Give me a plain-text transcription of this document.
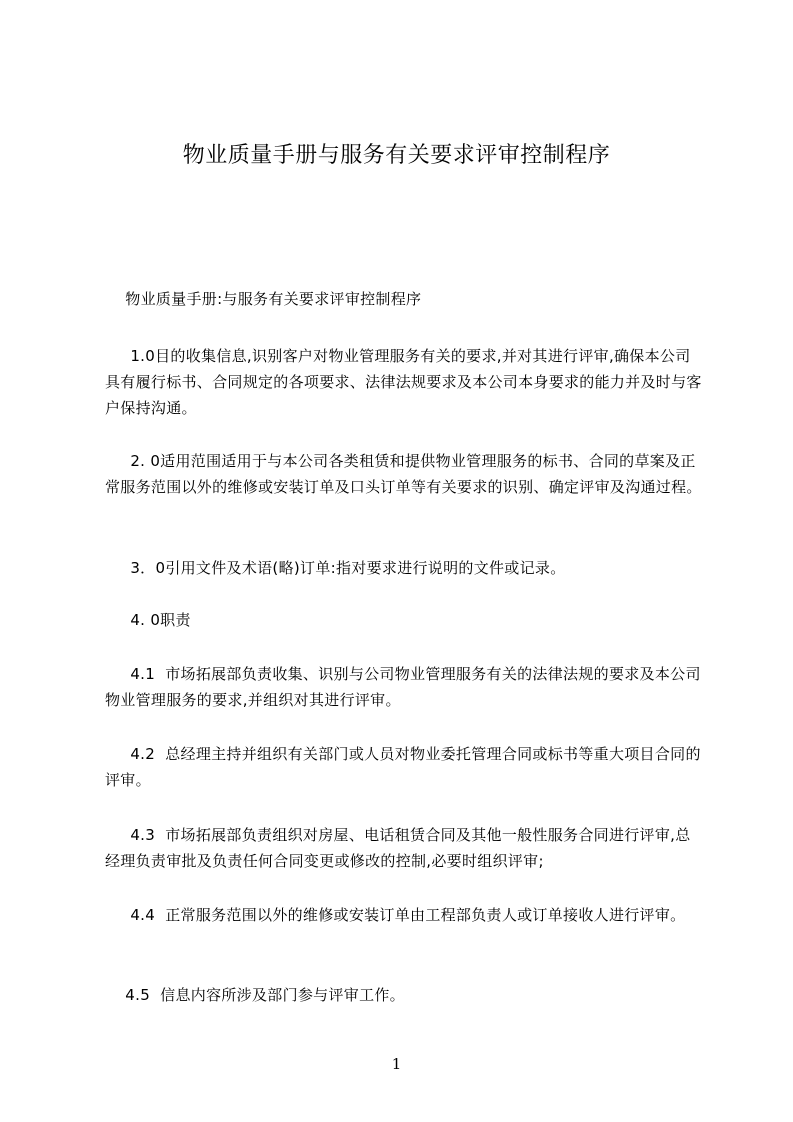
物业质量手册与服务有关要求评审控制程序
物业质量手册:与服务有关要求评审控制程序
1.0目的收集信息,识别客户对物业管理服务有关的要求,并对其进行评审,确保本公司具有履行标书、合同规定的各项要求、法律法规要求及本公司本身要求的能力并及时与客户保持沟通。
2. 0适用范围适用于与本公司各类租赁和提供物业管理服务的标书、合同的草案及正常服务范围以外的维修或安装订单及口头订单等有关要求的识别、确定评审及沟通过程。
3．0引用文件及术语(略)订单:指对要求进行说明的文件或记录。
4. 0职责
4.1  市场拓展部负责收集、识别与公司物业管理服务有关的法律法规的要求及本公司物业管理服务的要求,并组织对其进行评审。
4.2  总经理主持并组织有关部门或人员对物业委托管理合同或标书等重大项目合同的评审。
4.3  市场拓展部负责组织对房屋、电话租赁合同及其他一般性服务合同进行评审,总经理负责审批及负责任何合同变更或修改的控制,必要时组织评审;
4.4  正常服务范围以外的维修或安装订单由工程部负责人或订单接收人进行评审。
4.5  信息内容所涉及部门参与评审工作。
1
